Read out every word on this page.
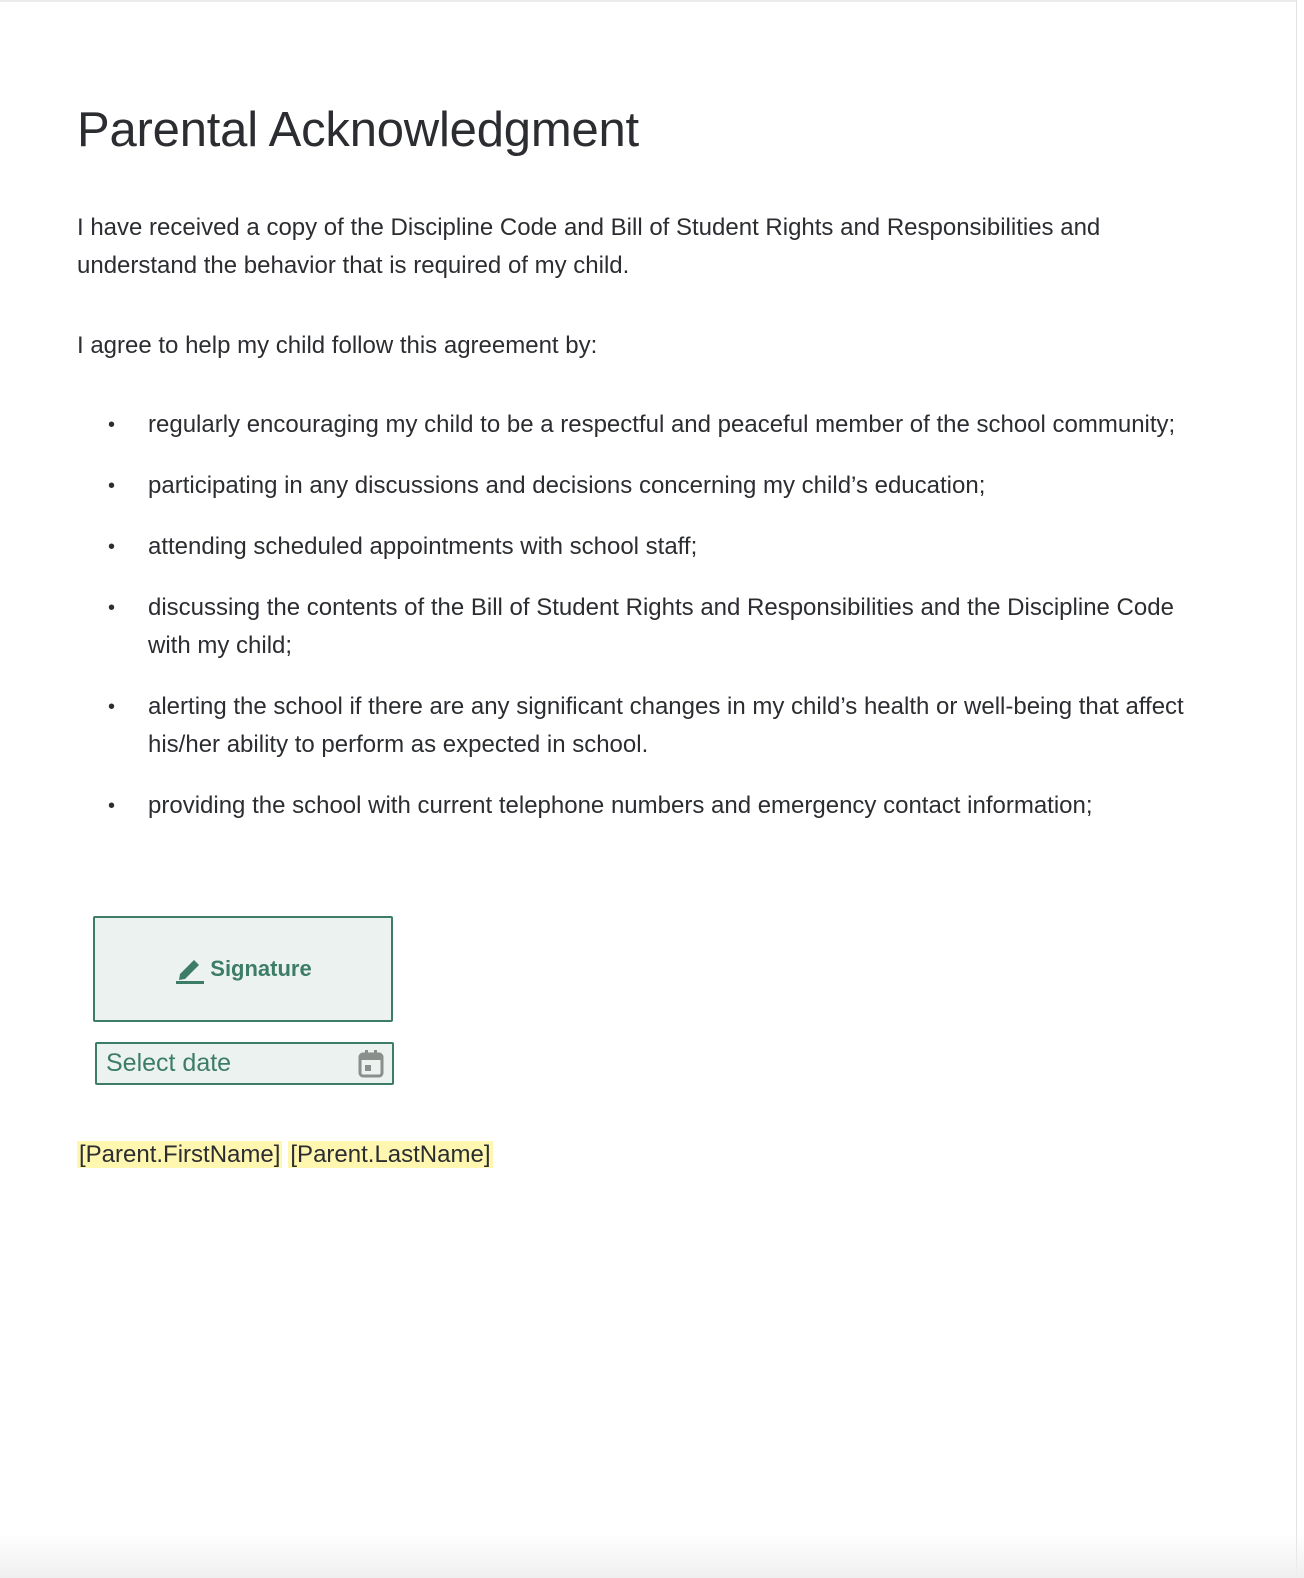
Parental Acknowledgment

I have received a copy of the Discipline Code and Bill of Student Rights and Responsibilities and understand the behavior that is required of my child.

I agree to help my child follow this agreement by:

• regularly encouraging my child to be a respectful and peaceful member of the school community;
• participating in any discussions and decisions concerning my child’s education;
• attending scheduled appointments with school staff;
• discussing the contents of the Bill of Student Rights and Responsibilities and the Discipline Code with my child;
• alerting the school if there are any significant changes in my child’s health or well-being that affect his/her ability to perform as expected in school.
• providing the school with current telephone numbers and emergency contact information;
Signature
Select date
[Parent.FirstName] [Parent.LastName]
